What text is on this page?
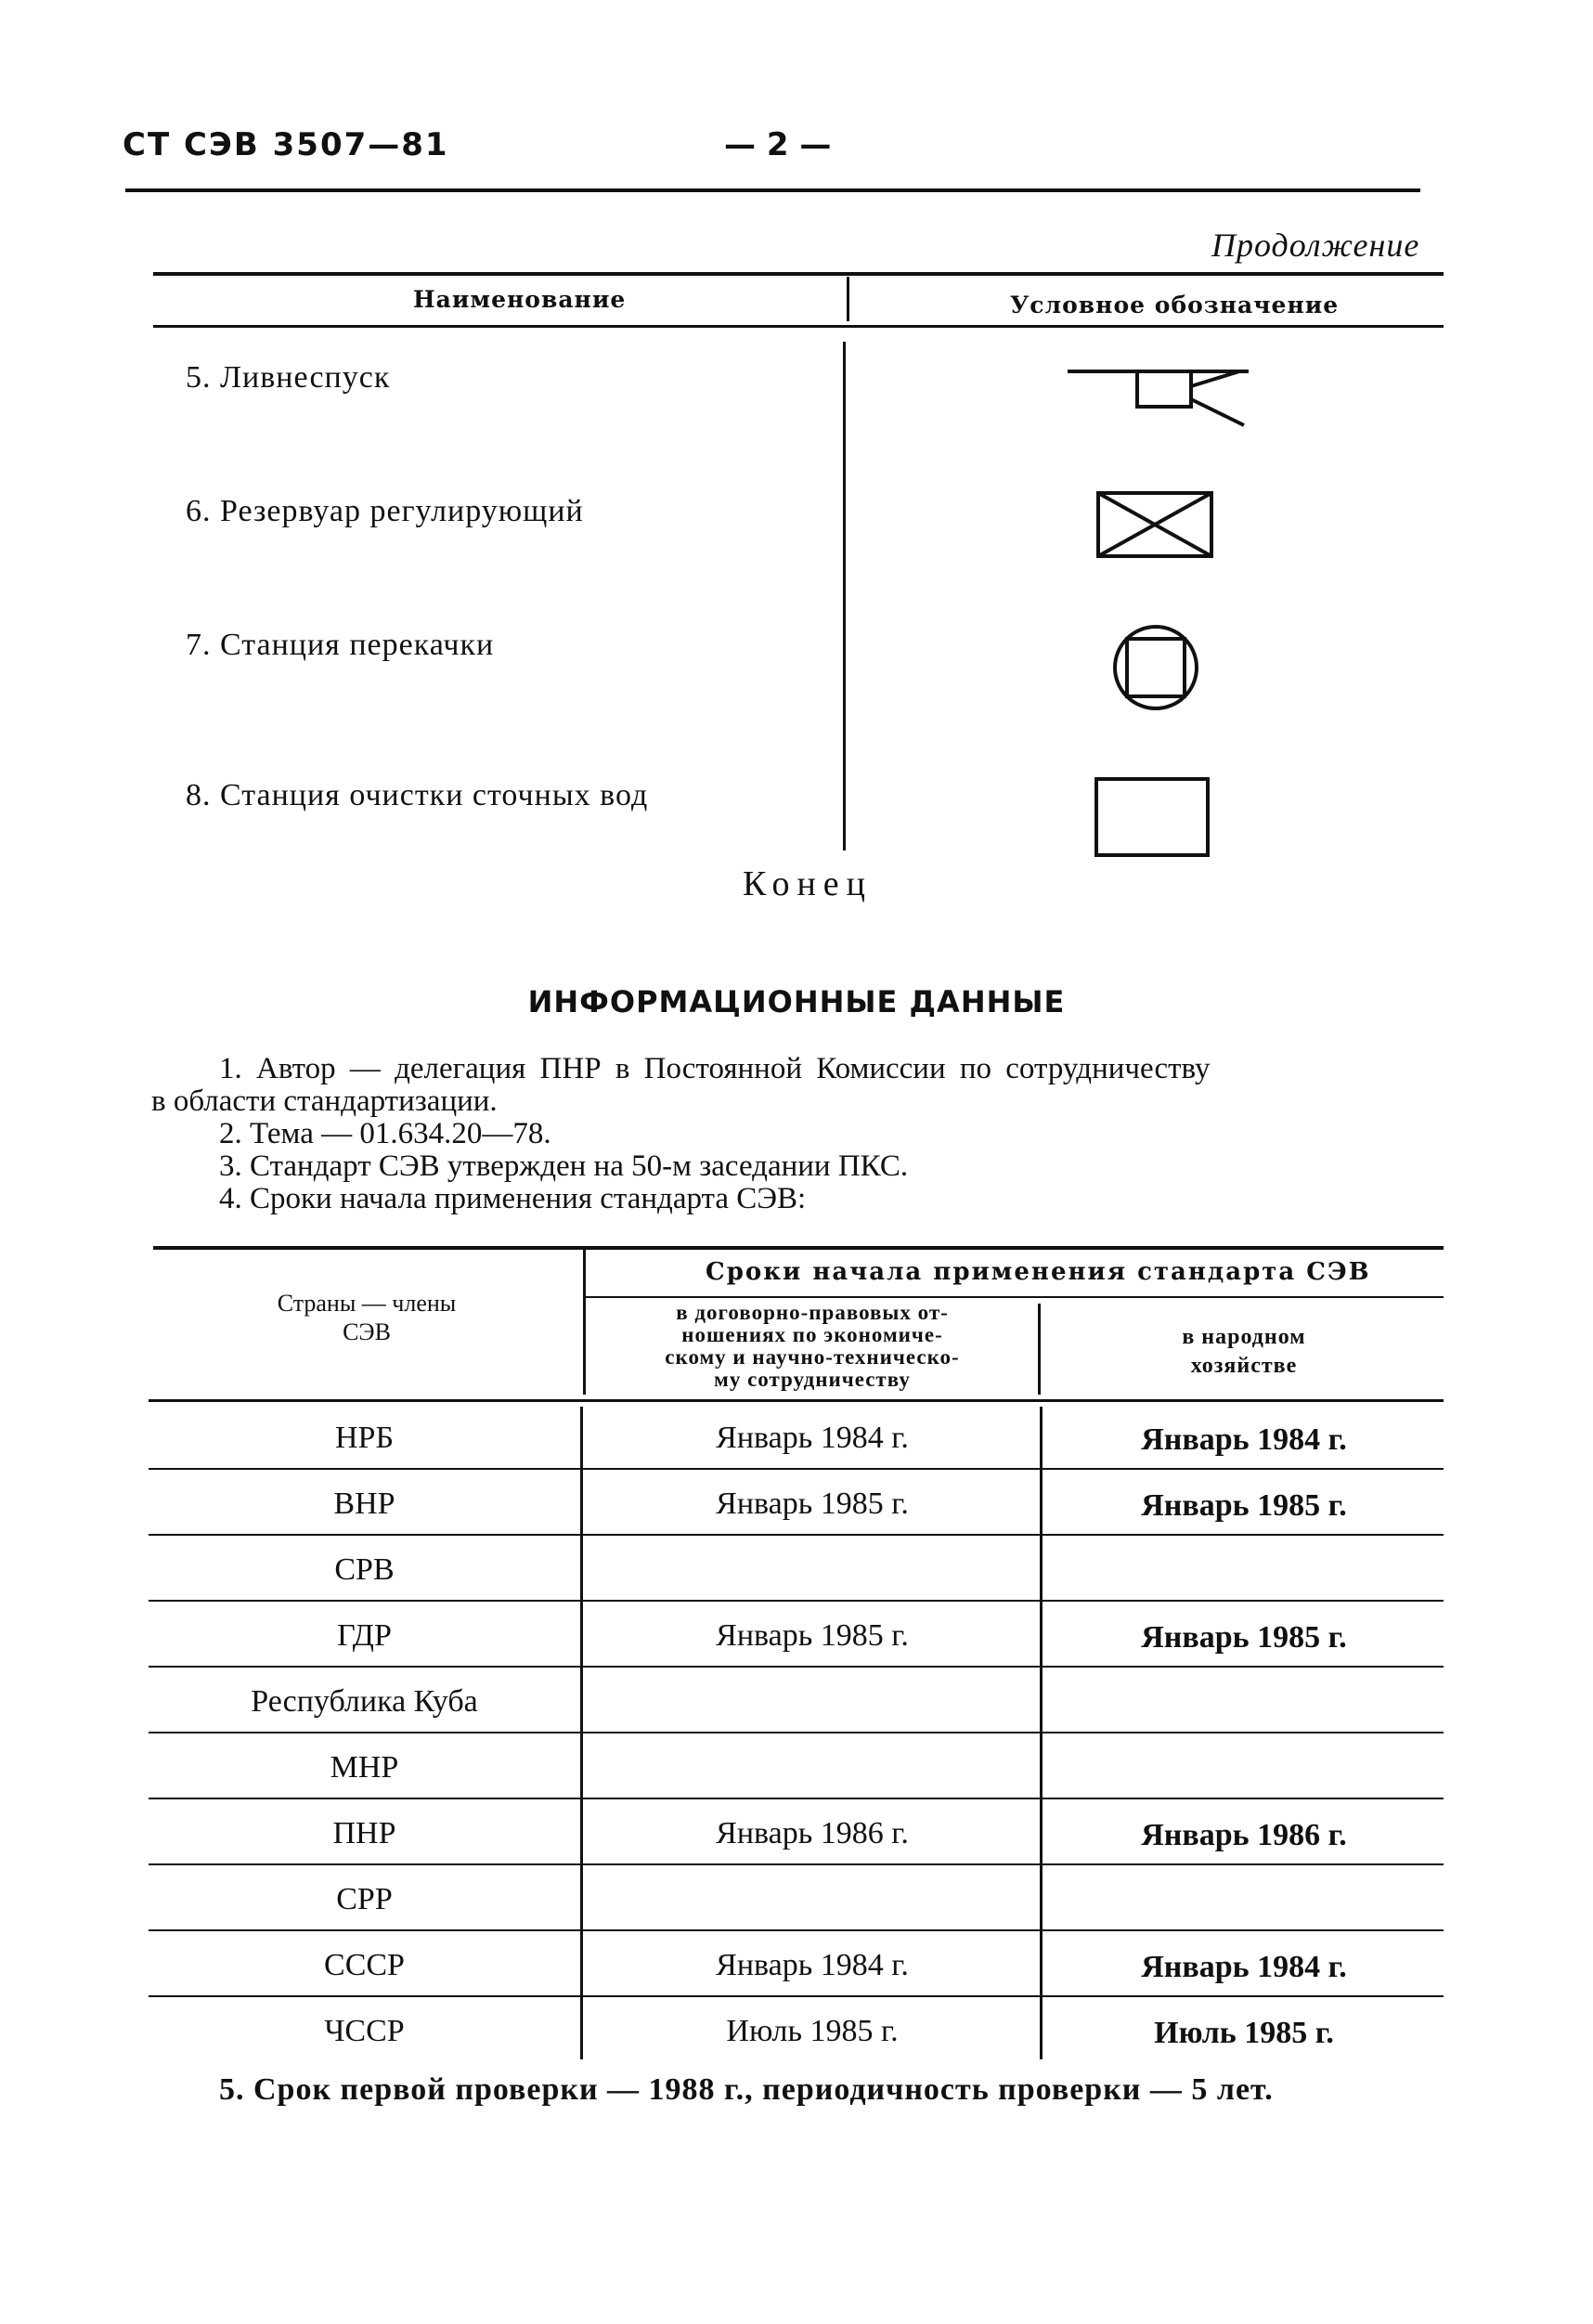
СТ СЭВ 3507—81	— 2 —
Продолжение
Наименование	Условное обозначение
5. Ливнеспуск
6. Резервуар регулирующий
7. Станция перекачки
8. Станция очистки сточных вод
Конец
ИНФОРМАЦИОННЫЕ ДАННЫЕ
1. Автор — делегация ПНР в Постоянной Комиссии по сотрудничеству
в области стандартизации.
2. Тема — 01.634.20—78.
3. Стандарт СЭВ утвержден на 50-м заседании ПКС.
4. Сроки начала применения стандарта СЭВ:
Страны — члены
СЭВ
Сроки начала применения стандарта СЭВ
в договорно-правовых от-
ношениях по экономиче-
скому и научно-техническо-
му сотрудничеству
в народном
хозяйстве
НРБ	Январь 1984 г.	Январь 1984 г.
ВНР	Январь 1985 г.	Январь 1985 г.
СРВ
ГДР	Январь 1985 г.	Январь 1985 г.
Республика Куба
МНР
ПНР	Январь 1986 г.	Январь 1986 г.
СРР
СССР	Январь 1984 г.	Январь 1984 г.
ЧССР	Июль 1985 г.	Июль 1985 г.
5. Срок первой проверки — 1988 г., периодичность проверки — 5 лет.
